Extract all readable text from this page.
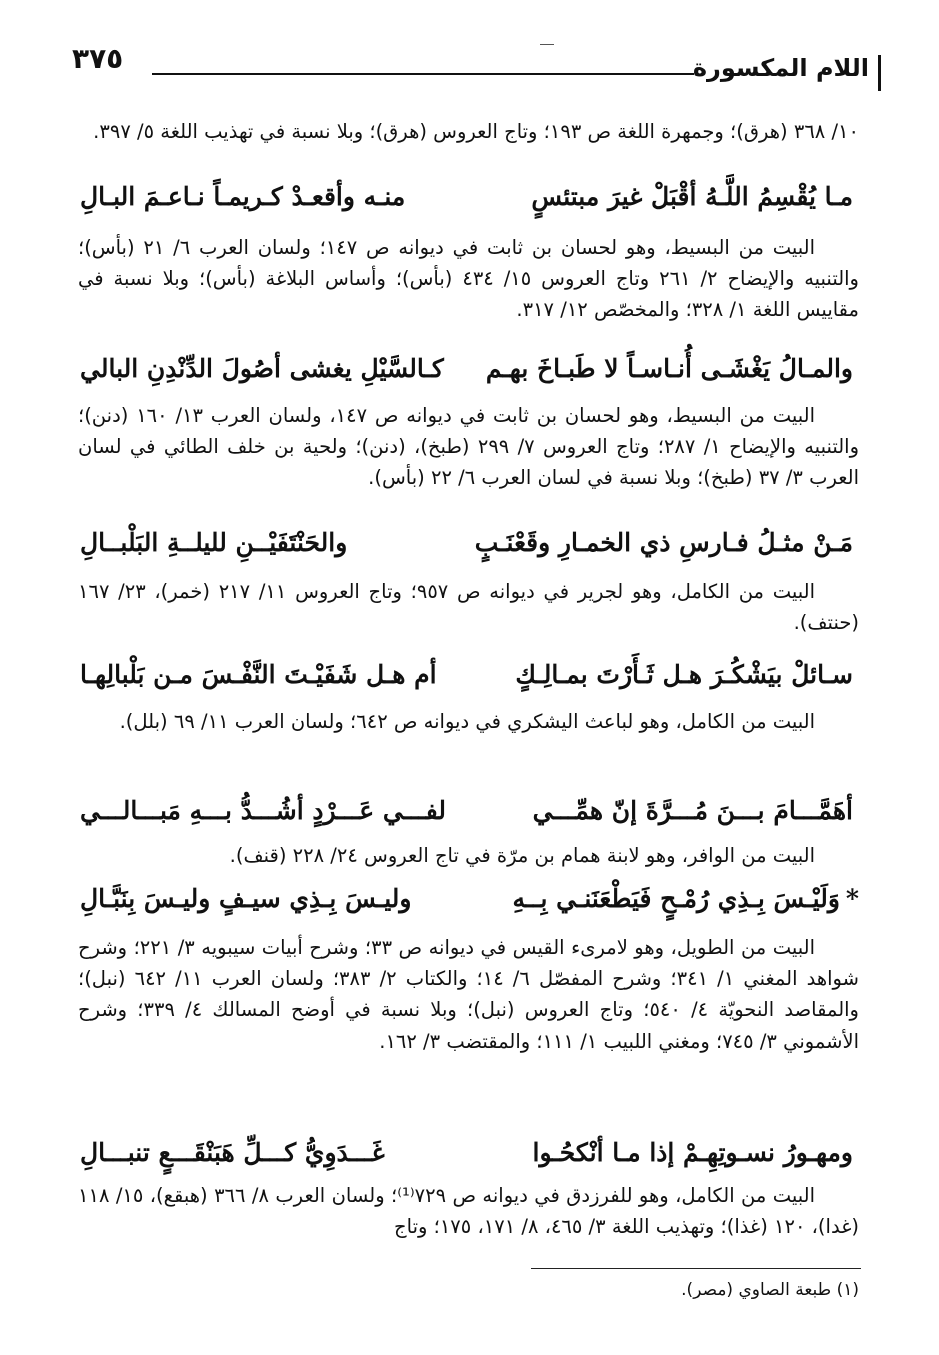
اللام المكسورة
٣٧٥
١٠/ ٣٦٨ (هرق)؛ وجمهرة اللغة ص ١٩٣؛ وتاج العروس (هرق)؛ وبلا نسبة في تهذيب اللغة ٥/ ٣٩٧.
مـا يُقْسِمُ اللَّـهُ أقْبَلْ غيرَ مبتئسٍ
منـه وأقعـدْ كـريمـاً نـاعـمَ البـالِ
البيت من البسيط، وهو لحسان بن ثابت في ديوانه ص ١٤٧؛ ولسان العرب ٦/ ٢١ (بأس)؛ والتنبيه والإيضاح ٢/ ٢٦١ وتاج العروس ١٥/ ٤٣٤ (بأس)؛ وأساس البلاغة (بأس)؛ وبلا نسبة في مقاييس اللغة ١/ ٣٢٨؛ والمخصّص ١٢/ ٣١٧.
والمـالُ يَغْشَـى أُنـاسـاً لا طَبـاخَ بهـم
كـالسَّيْلِ يغشى أصُولَ الدِّنْدِنِ البالي
البيت من البسيط، وهو لحسان بن ثابت في ديوانه ص ١٤٧، ولسان العرب ١٣/ ١٦٠ (دنن)؛ والتنبيه والإيضاح ١/ ٢٨٧؛ وتاج العروس ٧/ ٢٩٩ (طبخ)، (دنن)؛ ولحية بن خلف الطائي في لسان العرب ٣/ ٣٧ (طبخ)؛ وبلا نسبة في لسان العرب ٦/ ٢٢ (بأس).
مَـنْ مثـلُ فـارسِ ذي الخمـارِ وقَعْنَـبٍ
والحَنْتَفَيْــنِ لليلــةِ البَلْبــالِ
البيت من الكامل، وهو لجرير في ديوانه ص ٩٥٧؛ وتاج العروس ١١/ ٢١٧ (خمر)، ٢٣/ ١٦٧ (حنتف).
سـائلْ بيَشْكُـرَ هـل ثَـأَرْتَ بمـالِـكٍ
أم هـل شَفَيْـتَ النَّفْـسَ مـن بَلْبالِهـا
البيت من الكامل، وهو لباعث اليشكري في ديوانه ص ٦٤٢؛ ولسان العرب ١١/ ٦٩ (بلل).
أهَمَّـــامَ بـــنَ مُـــرَّةَ إنّ همِّـــي
لفـــي عَـــرْدٍ أشُـــدُّ بـــهِ مَبـــالـــي
البيت من الوافر، وهو لابنة همام بن مرّة في تاج العروس ٢٤/ ٢٢٨ (قنف).
*وَلَيْـسَ بِـذِي رُمْـحٍ فَيَطْعَنَنـي بِــهِ
وليـسَ بِـذِي سيـفٍ وليـسَ بِنَبَّـالِ
البيت من الطويل، وهو لامرىء القيس في ديوانه ص ٣٣؛ وشرح أبيات سيبويه ٣/ ٢٢١؛ وشرح شواهد المغني ١/ ٣٤١؛ وشرح المفصّل ٦/ ١٤؛ والكتاب ٢/ ٣٨٣؛ ولسان العرب ١١/ ٦٤٢ (نبل)؛ والمقاصد النحويّة ٤/ ٥٤٠؛ وتاج العروس (نبل)؛ وبلا نسبة في أوضح المسالك ٤/ ٣٣٩؛ وشرح الأشموني ٣/ ٧٤٥؛ ومغني اللبيب ١/ ١١١؛ والمقتضب ٣/ ١٦٢.
ومهـورُ نسـوتِهِـمْ إذا مـا أنْكحُـوا
غَـــدَوِيُّ كـــلِّ هَبَنْقَـــعٍ تنبـــالِ
البيت من الكامل، وهو للفرزدق في ديوانه ص ٧٢٩⁽¹⁾؛ ولسان العرب ٨/ ٣٦٦ (هبقع)، ١٥/ ١١٨ (غدا)، ١٢٠ (غذا)؛ وتهذيب اللغة ٣/ ٤٦٥، ٨/ ١٧١، ١٧٥؛ وتاج
(١) طبعة الصاوي (مصر).
